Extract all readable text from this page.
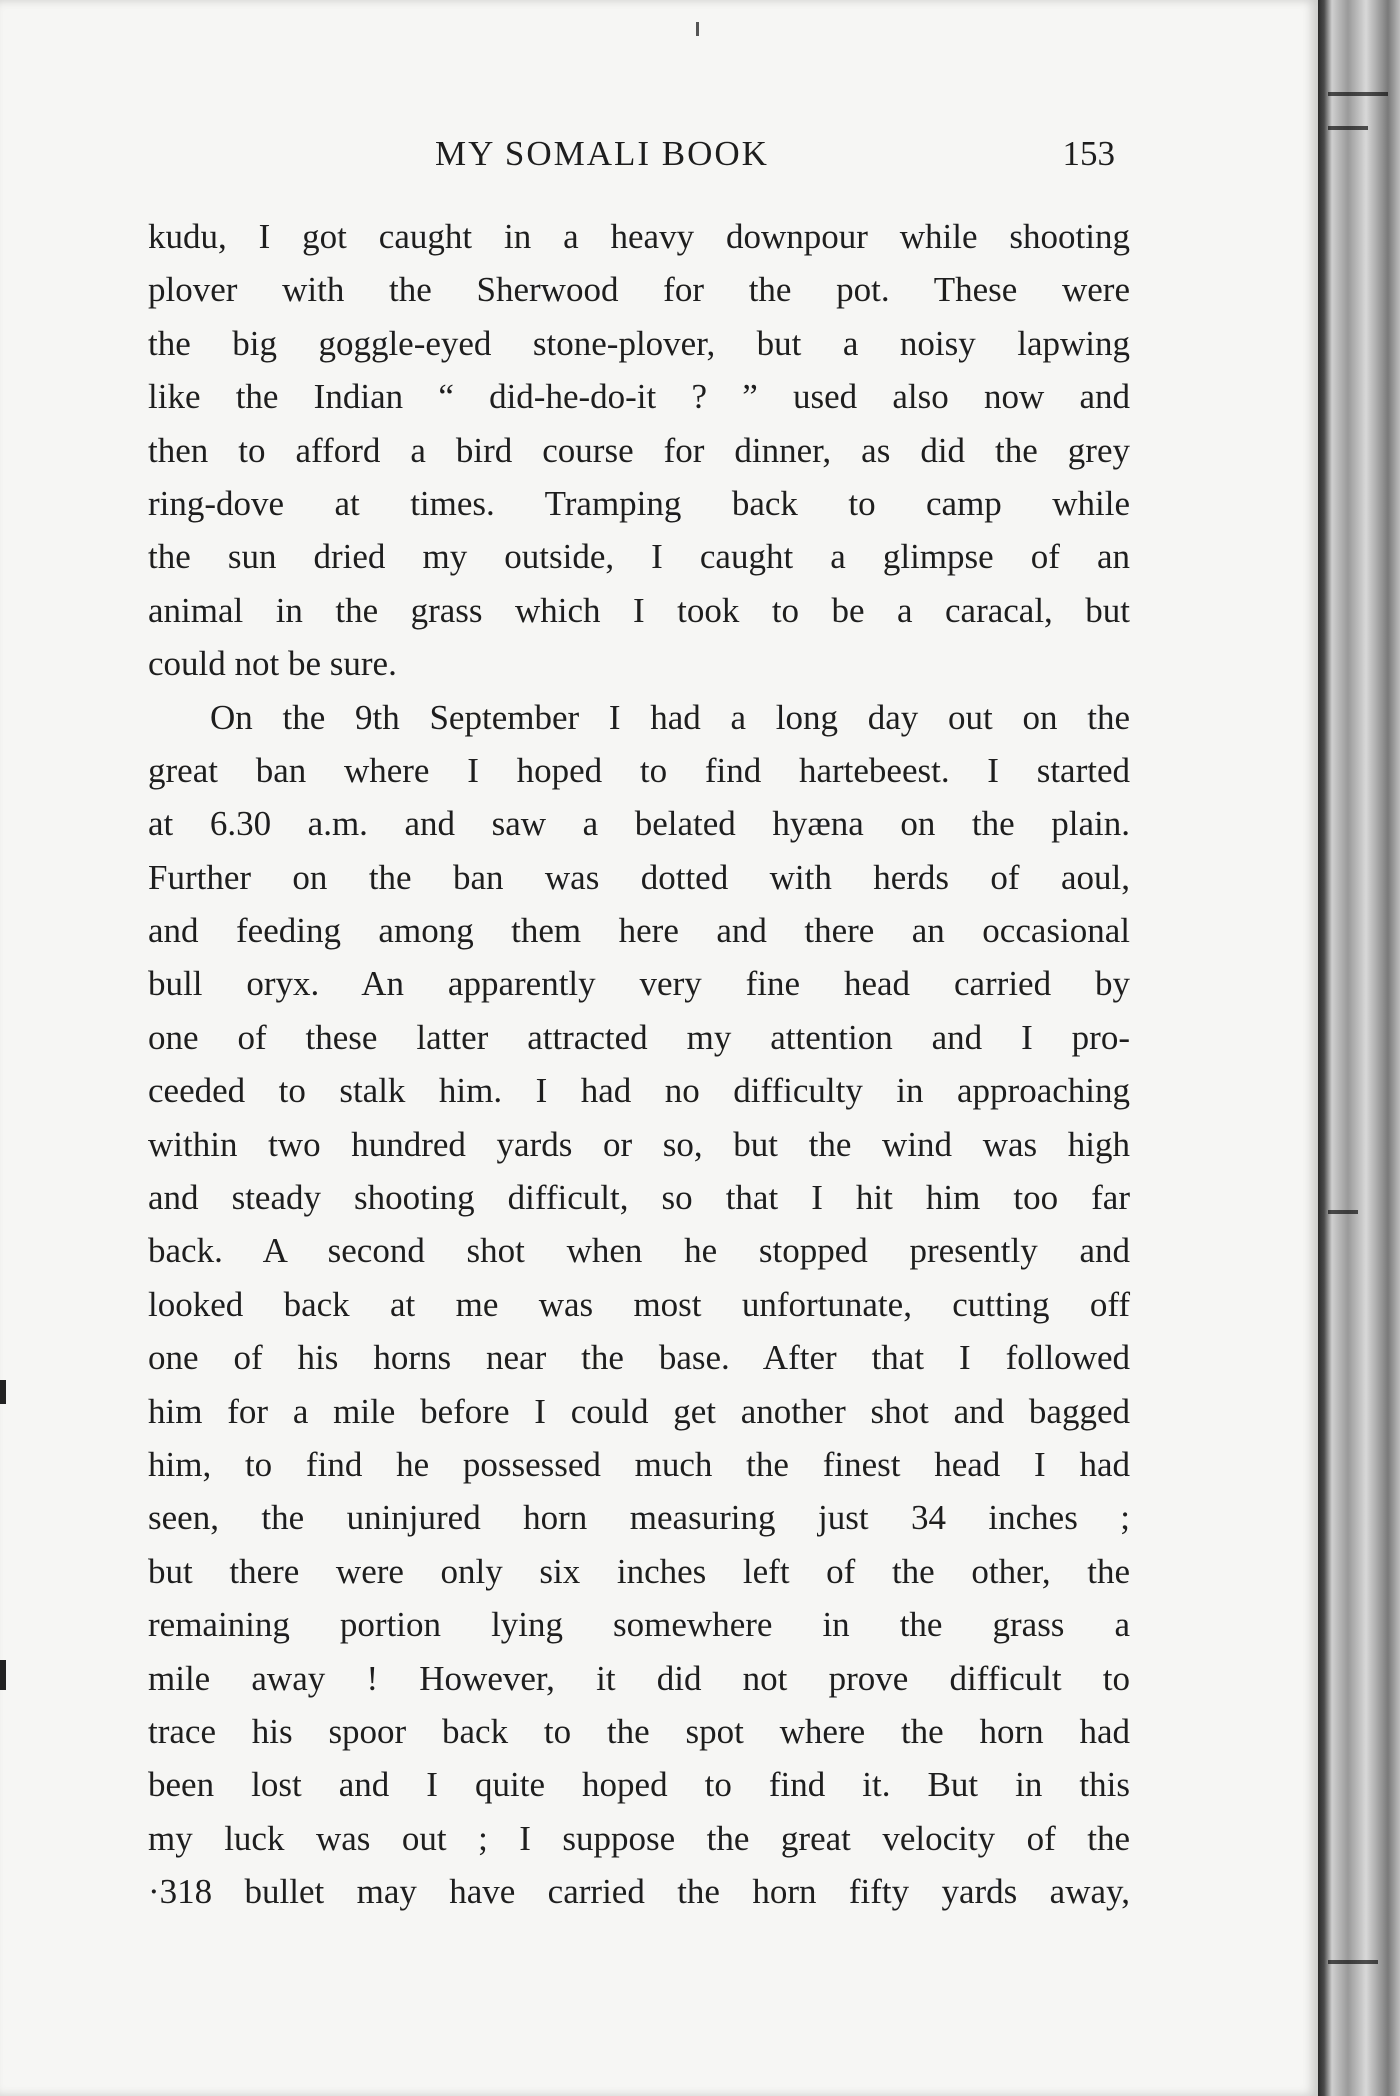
MY SOMALI BOOK	153
kudu, I got caught in a heavy downpour while shooting
plover with the Sherwood for the pot. These were
the big goggle-eyed stone-plover, but a noisy lapwing
like the Indian “ did-he-do-it ? ” used also now and
then to afford a bird course for dinner, as did the grey
ring-dove at times. Tramping back to camp while
the sun dried my outside, I caught a glimpse of an
animal in the grass which I took to be a caracal, but
could not be sure.
On the 9th September I had a long day out on the
great ban where I hoped to find hartebeest. I started
at 6.30 a.m. and saw a belated hyæna on the plain.
Further on the ban was dotted with herds of aoul,
and feeding among them here and there an occasional
bull oryx. An apparently very fine head carried by
one of these latter attracted my attention and I pro-
ceeded to stalk him. I had no difficulty in approaching
within two hundred yards or so, but the wind was high
and steady shooting difficult, so that I hit him too far
back. A second shot when he stopped presently and
looked back at me was most unfortunate, cutting off
one of his horns near the base. After that I followed
him for a mile before I could get another shot and bagged
him, to find he possessed much the finest head I had
seen, the uninjured horn measuring just 34 inches ;
but there were only six inches left of the other, the
remaining portion lying somewhere in the grass a
mile away ! However, it did not prove difficult to
trace his spoor back to the spot where the horn had
been lost and I quite hoped to find it. But in this
my luck was out ; I suppose the great velocity of the
·318 bullet may have carried the horn fifty yards away,
